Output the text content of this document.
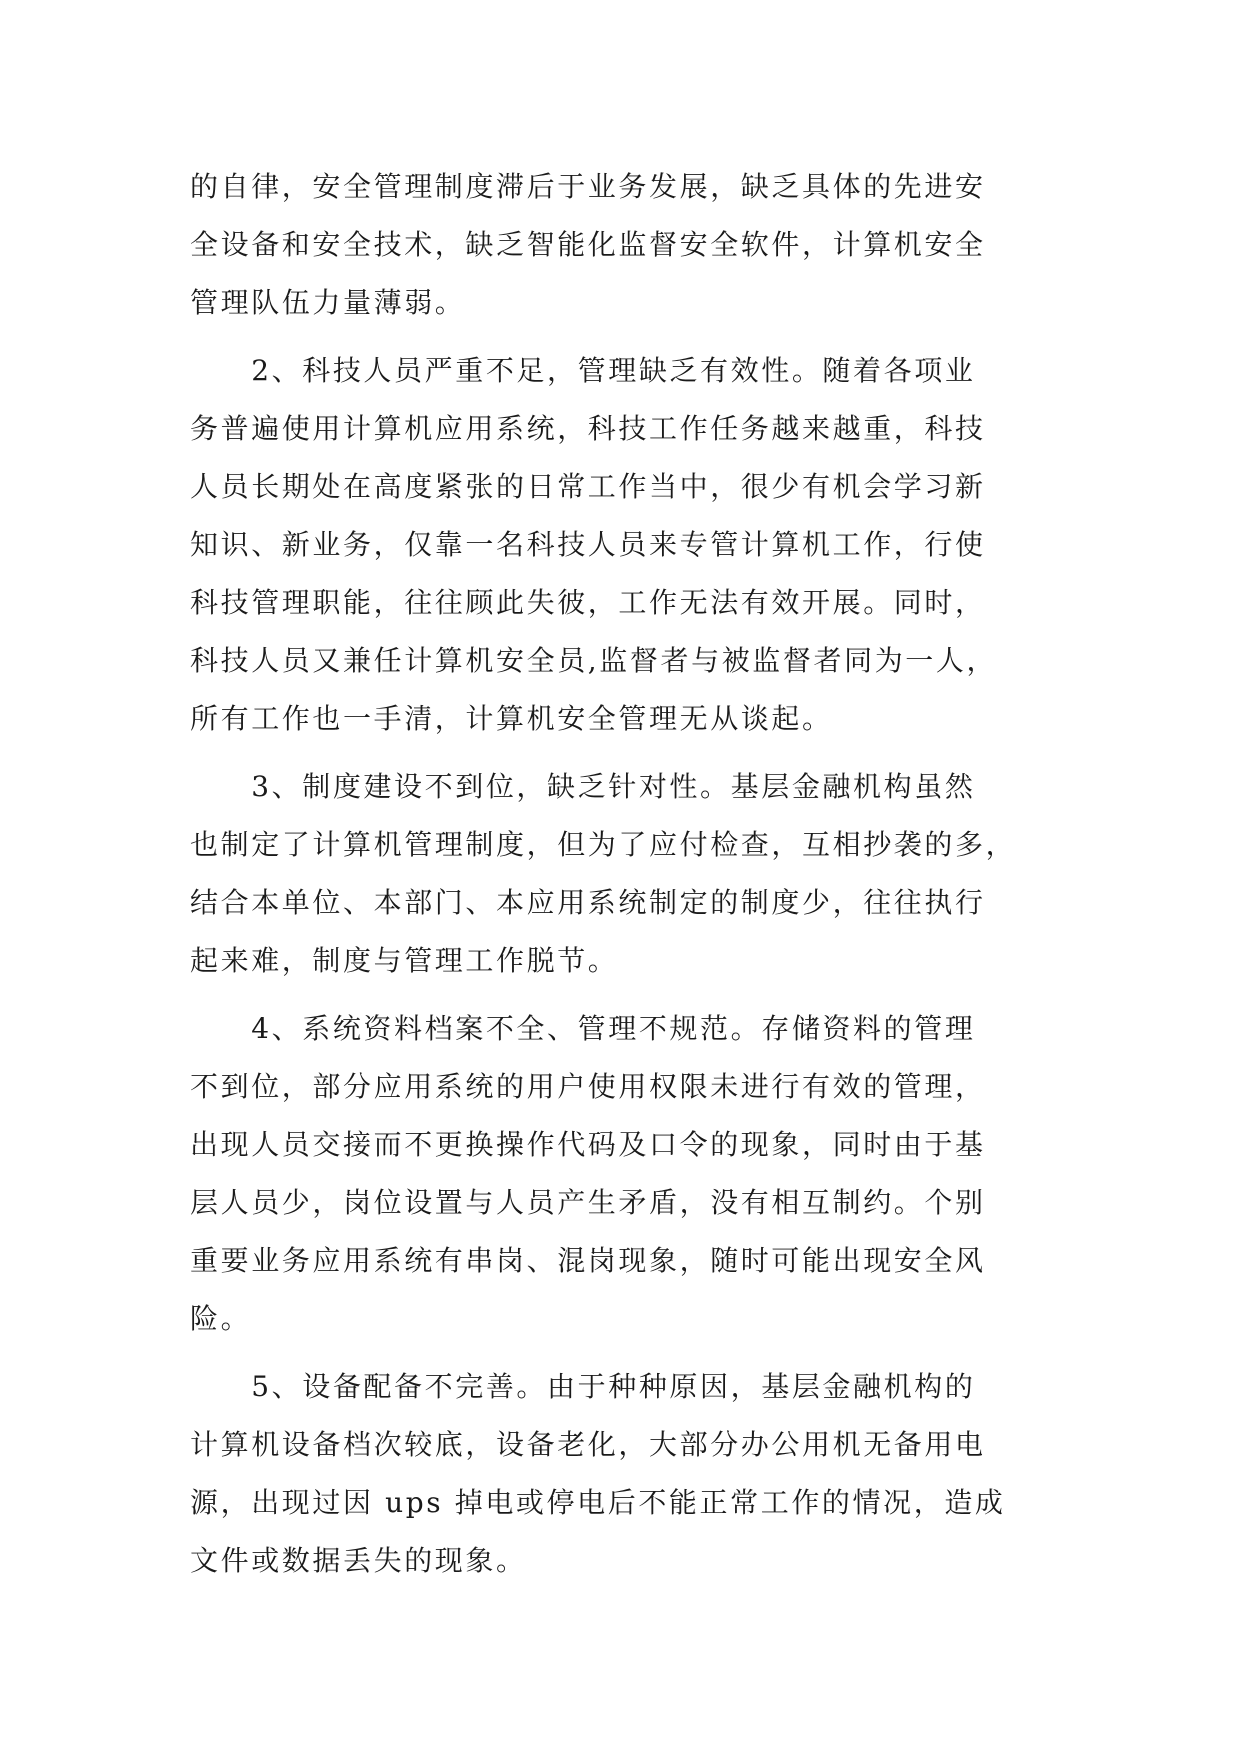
的自律，安全管理制度滞后于业务发展，缺乏具体的先进安
全设备和安全技术，缺乏智能化监督安全软件，计算机安全
管理队伍力量薄弱。
　　2、科技人员严重不足，管理缺乏有效性。随着各项业
务普遍使用计算机应用系统，科技工作任务越来越重，科技
人员长期处在高度紧张的日常工作当中，很少有机会学习新
知识、新业务，仅靠一名科技人员来专管计算机工作，行使
科技管理职能，往往顾此失彼，工作无法有效开展。同时，
科技人员又兼任计算机安全员,监督者与被监督者同为一人，
所有工作也一手清，计算机安全管理无从谈起。
　　3、制度建设不到位，缺乏针对性。基层金融机构虽然
也制定了计算机管理制度，但为了应付检查，互相抄袭的多，
结合本单位、本部门、本应用系统制定的制度少，往往执行
起来难，制度与管理工作脱节。
　　4、系统资料档案不全、管理不规范。存储资料的管理
不到位，部分应用系统的用户使用权限未进行有效的管理，
出现人员交接而不更换操作代码及口令的现象，同时由于基
层人员少，岗位设置与人员产生矛盾，没有相互制约。个别
重要业务应用系统有串岗、混岗现象，随时可能出现安全风
险。
　　5、设备配备不完善。由于种种原因，基层金融机构的
计算机设备档次较底，设备老化，大部分办公用机无备用电
源，出现过因 ups 掉电或停电后不能正常工作的情况，造成
文件或数据丢失的现象。
